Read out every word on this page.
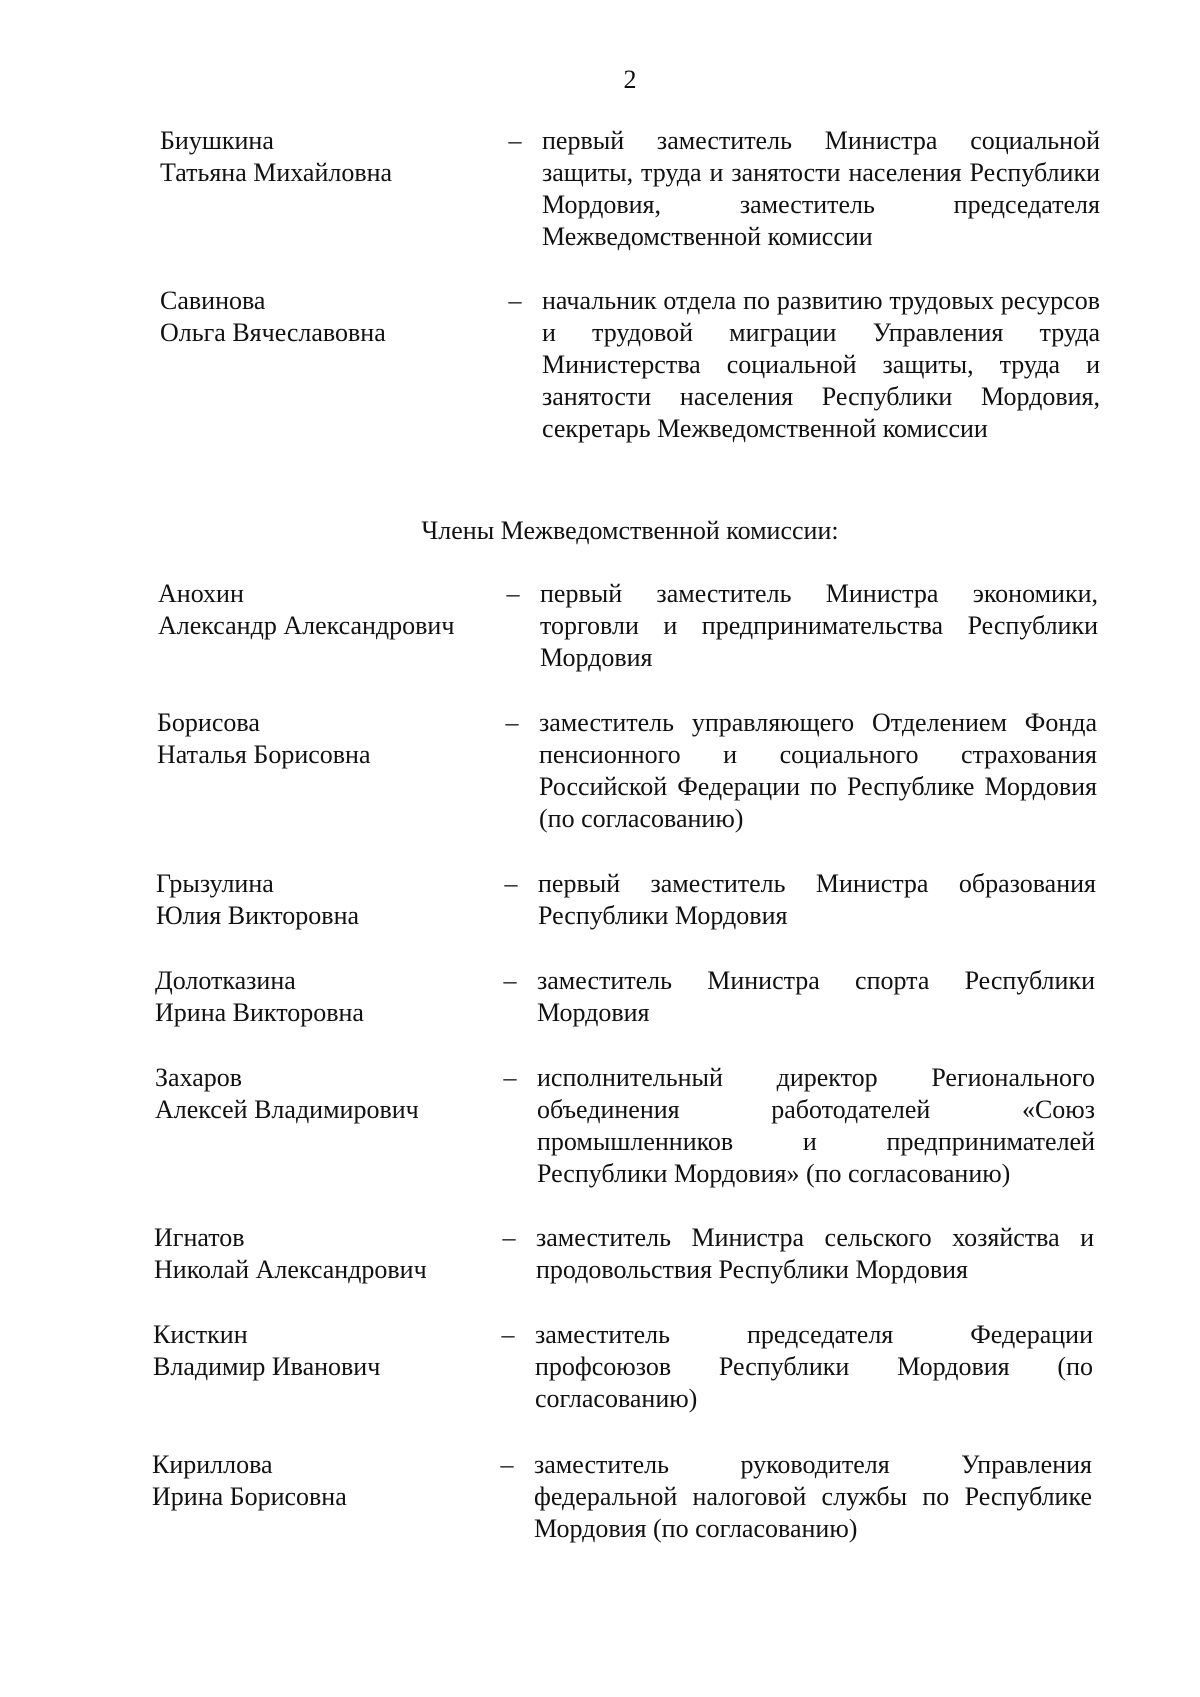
2
Биушкина
Татьяна Михайловна
– первый заместитель Министра социальной защиты, труда и занятости населения Республики Мордовия, заместитель председателя Межведомственной комиссии
Савинова
Ольга Вячеславовна
– начальник отдела по развитию трудовых ресурсов и трудовой миграции Управления труда Министерства социальной защиты, труда и занятости населения Республики Мордовия, секретарь Межведомственной комиссии
Члены Межведомственной комиссии:
Анохин
Александр Александрович
– первый заместитель Министра экономики, торговли и предпринимательства Республики Мордовия
Борисова
Наталья Борисовна
– заместитель управляющего Отделением Фонда пенсионного и социального страхования Российской Федерации по Республике Мордовия (по согласованию)
Грызулина
Юлия Викторовна
– первый заместитель Министра образования Республики Мордовия
Долотказина
Ирина Викторовна
– заместитель Министра спорта Республики Мордовия
Захаров
Алексей Владимирович
– исполнительный директор Регионального объединения работодателей «Союз промышленников и предпринимателей Республики Мордовия» (по согласованию)
Игнатов
Николай Александрович
– заместитель Министра сельского хозяйства и продовольствия Республики Мордовия
Кисткин
Владимир Иванович
– заместитель председателя Федерации профсоюзов Республики Мордовия (по согласованию)
Кириллова
Ирина Борисовна
– заместитель руководителя Управления федеральной налоговой службы по Республике Мордовия (по согласованию)
